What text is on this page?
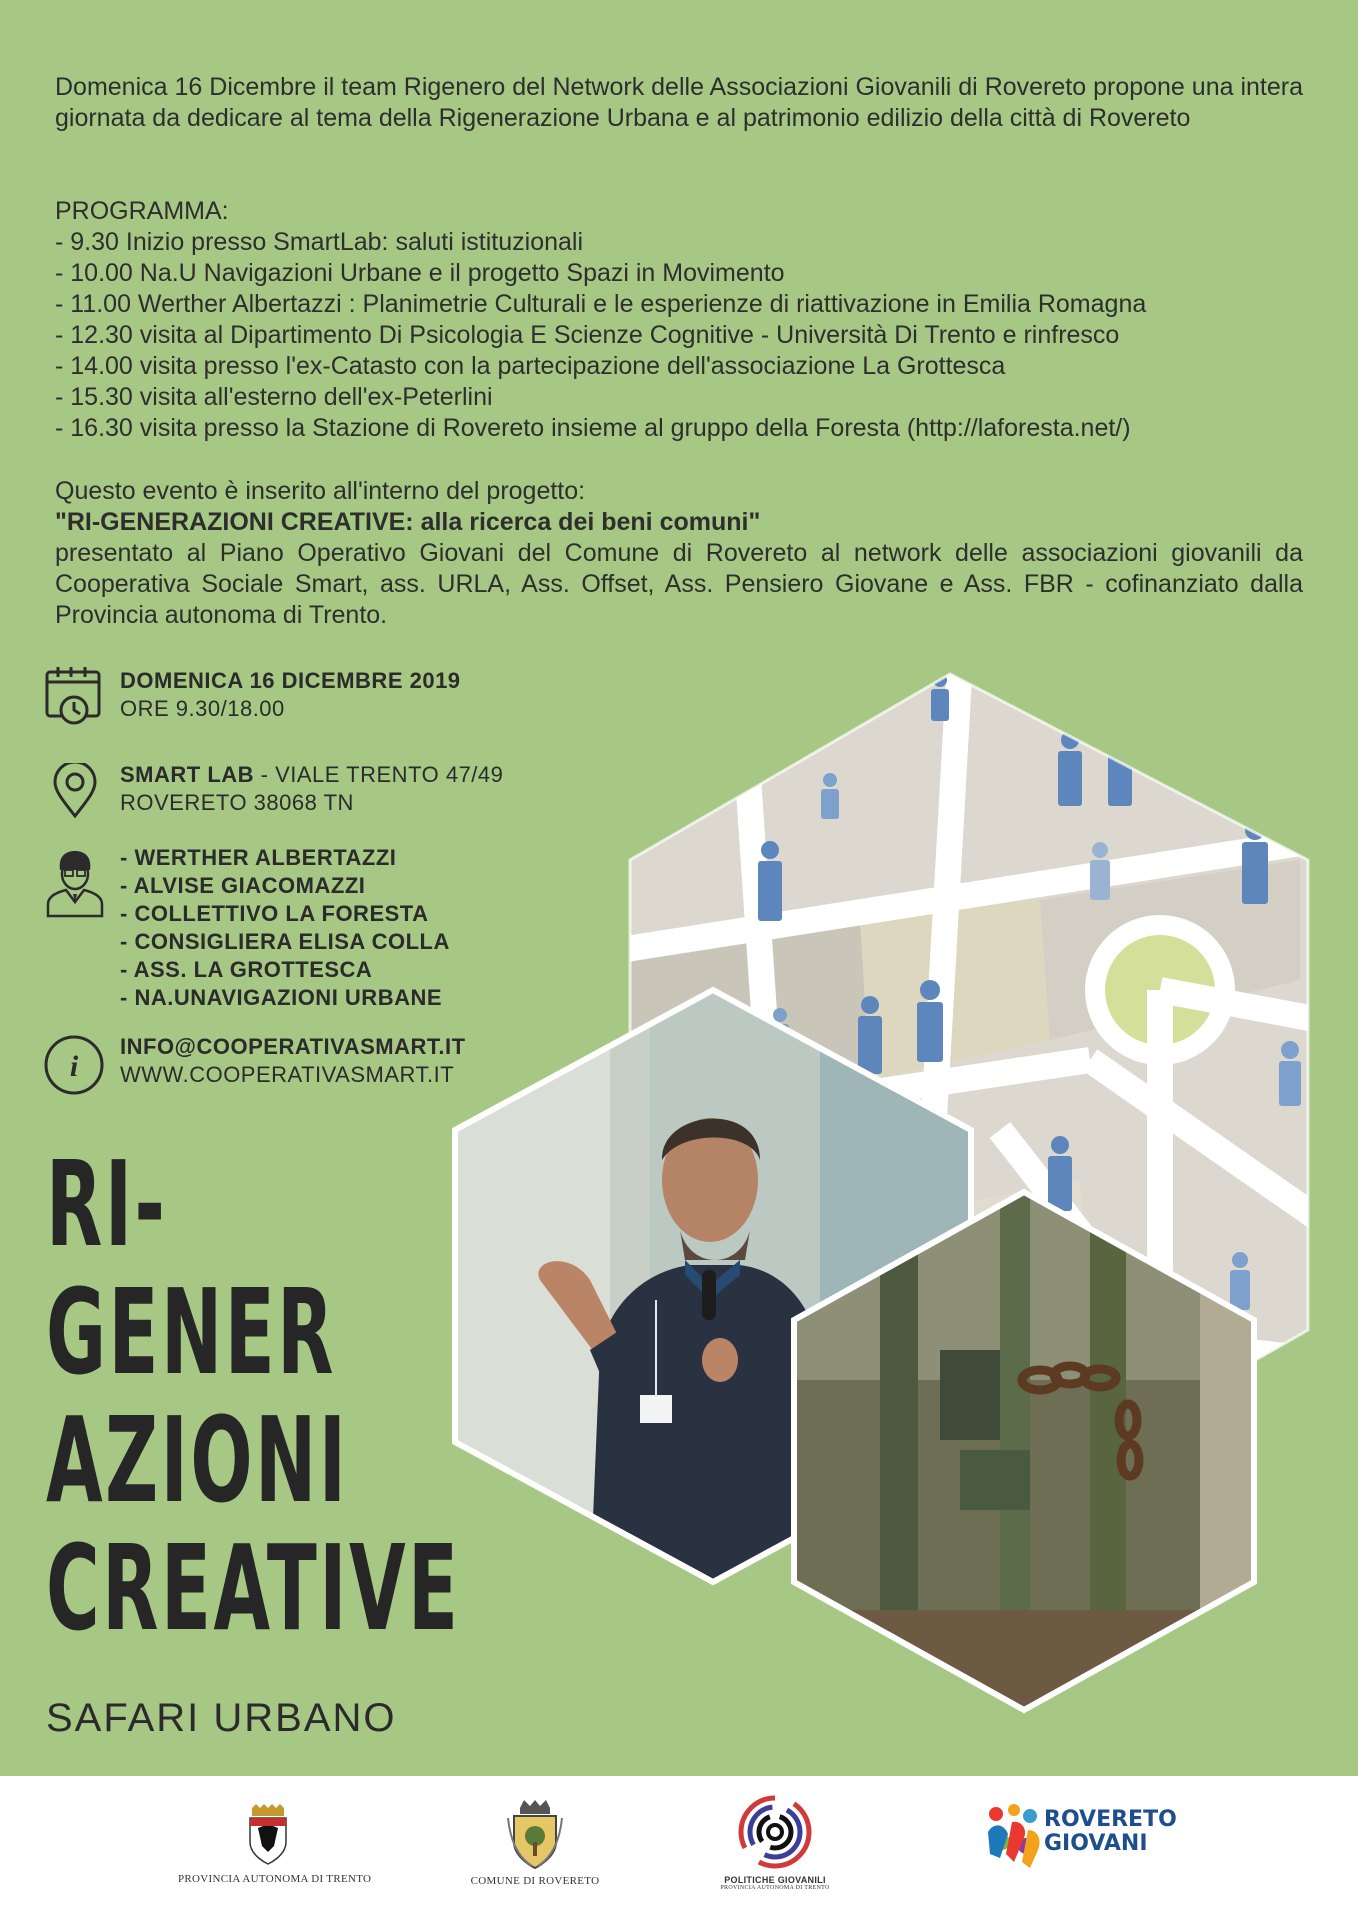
Domenica 16 Dicembre il team Rigenero del Network delle Associazioni Giovanili di Rovereto propone una intera giornata da dedicare al tema della Rigenerazione Urbana e al patrimonio edilizio della città di Rovereto

PROGRAMMA:
- 9.30 Inizio presso SmartLab: saluti istituzionali
- 10.00 Na.U Navigazioni Urbane e il progetto Spazi in Movimento
- 11.00 Werther Albertazzi : Planimetrie Culturali e le esperienze di riattivazione in Emilia Romagna
- 12.30 visita al Dipartimento Di Psicologia E Scienze Cognitive - Università Di Trento e rinfresco
- 14.00 visita presso l'ex-Catasto con la partecipazione dell'associazione La Grottesca
- 15.30 visita all'esterno dell'ex-Peterlini
- 16.30 visita presso la Stazione di Rovereto insieme al gruppo della Foresta (http://laforesta.net/)
Questo evento è inserito all'interno del progetto:
"RI-GENERAZIONI CREATIVE: alla ricerca dei beni comuni"
presentato al Piano Operativo Giovani del Comune di Rovereto al network delle associazioni giovanili da Cooperativa Sociale Smart, ass. URLA, Ass. Offset, Ass. Pensiero Giovane e Ass. FBR - cofinanziato dalla Provincia autonoma di Trento.
DOMENICA 16 DICEMBRE 2019
ORE 9.30/18.00
SMART LAB - VIALE TRENTO 47/49
ROVERETO 38068 TN
- WERTHER ALBERTAZZI
- ALVISE GIACOMAZZI
- COLLETTIVO LA FORESTA
- CONSIGLIERA ELISA COLLA
- ASS. LA GROTTESCA
- NA.UNAVIGAZIONI URBANE
i
INFO@COOPERATIVASMART.IT
WWW.COOPERATIVASMART.IT
RI-
GENER
AZIONI
CREATIVE
SAFARI URBANO
PROVINCIA AUTONOMA DI TRENTO	COMUNE DI ROVERETO	POLITICHE GIOVANILI
PROVINCIA AUTONOMA DI TRENTO
ROVERETO
GIOVANI
